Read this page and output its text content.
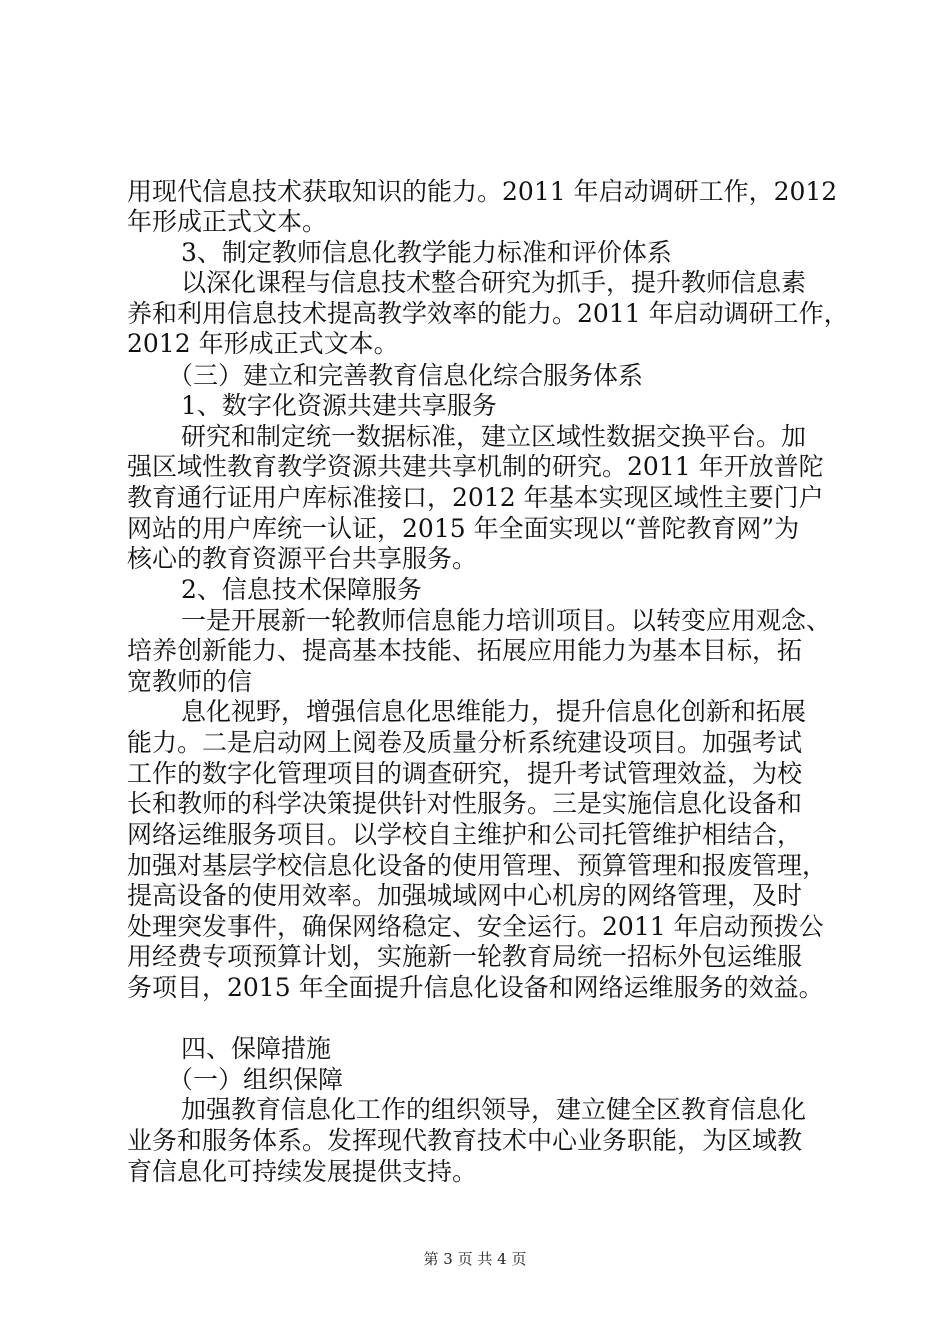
用现代信息技术获取知识的能力。2011 年启动调研工作，2012
年形成正式文本。
3、制定教师信息化教学能力标准和评价体系
以深化课程与信息技术整合研究为抓手，提升教师信息素
养和利用信息技术提高教学效率的能力。2011 年启动调研工作，
2012 年形成正式文本。
（三）建立和完善教育信息化综合服务体系
1、数字化资源共建共享服务
研究和制定统一数据标准，建立区域性数据交换平台。加
强区域性教育教学资源共建共享机制的研究。2011 年开放普陀
教育通行证用户库标准接口，2012 年基本实现区域性主要门户
网站的用户库统一认证，2015 年全面实现以“普陀教育网”为
核心的教育资源平台共享服务。
2、信息技术保障服务
一是开展新一轮教师信息能力培训项目。以转变应用观念、
培养创新能力、提高基本技能、拓展应用能力为基本目标，拓
宽教师的信
息化视野，增强信息化思维能力，提升信息化创新和拓展
能力。二是启动网上阅卷及质量分析系统建设项目。加强考试
工作的数字化管理项目的调查研究，提升考试管理效益，为校
长和教师的科学决策提供针对性服务。三是实施信息化设备和
网络运维服务项目。以学校自主维护和公司托管维护相结合，
加强对基层学校信息化设备的使用管理、预算管理和报废管理，
提高设备的使用效率。加强城域网中心机房的网络管理，及时
处理突发事件，确保网络稳定、安全运行。2011 年启动预拨公
用经费专项预算计划，实施新一轮教育局统一招标外包运维服
务项目，2015 年全面提升信息化设备和网络运维服务的效益。
四、保障措施
（一）组织保障
加强教育信息化工作的组织领导，建立健全区教育信息化
业务和服务体系。发挥现代教育技术中心业务职能，为区域教
育信息化可持续发展提供支持。
第 3 页 共 4 页
